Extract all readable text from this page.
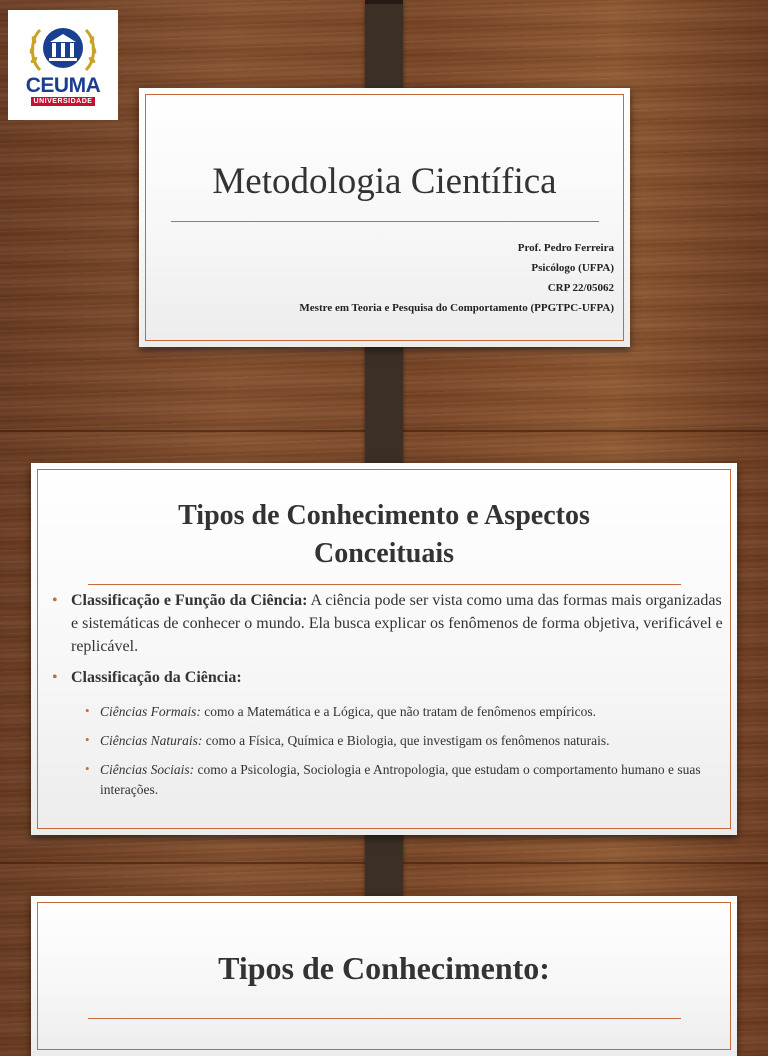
CEUMA
UNIVERSIDADE
Metodologia Científica
Prof. Pedro Ferreira
Psicólogo (UFPA)
CRP 22/05062
Mestre em Teoria e Pesquisa do Comportamento (PPGTPC-UFPA)
Tipos de Conhecimento e Aspectos
Conceituais
• Classificação e Função da Ciência: A ciência pode ser vista como uma das formas mais organizadas e sistemáticas de conhecer o mundo. Ela busca explicar os fenômenos de forma objetiva, verificável e replicável.
• Classificação da Ciência:
• Ciências Formais: como a Matemática e a Lógica, que não tratam de fenômenos empíricos.
• Ciências Naturais: como a Física, Química e Biologia, que investigam os fenômenos naturais.
• Ciências Sociais: como a Psicologia, Sociologia e Antropologia, que estudam o comportamento humano e suas interações.
Tipos de Conhecimento:
